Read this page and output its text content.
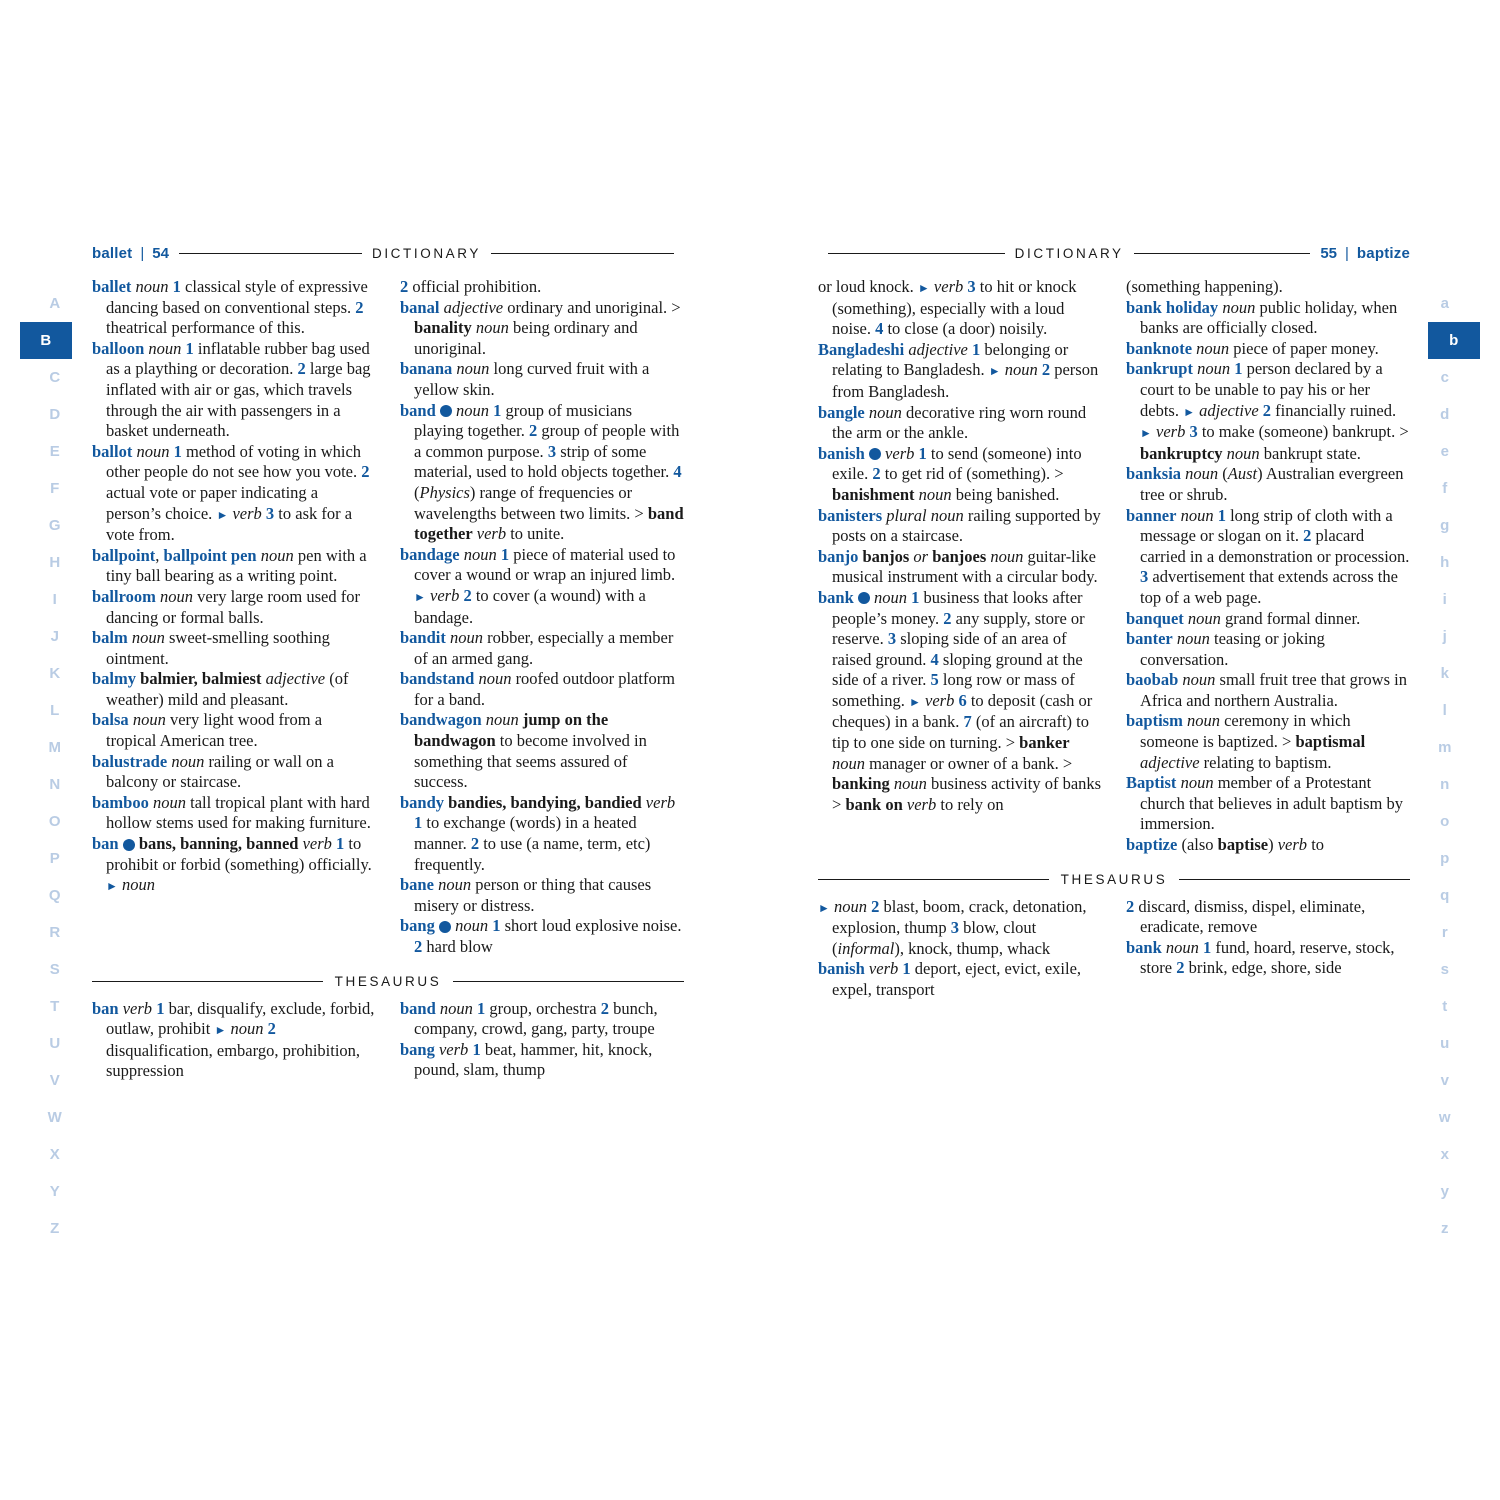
A
B
C
D
E
F
G
H
I
J
K
L
M
N
O
P
Q
R
S
T
U
V
W
X
Y
Z
a
b
c
d
e
f
g
h
i
j
k
l
m
n
o
p
q
r
s
t
u
v
w
x
y
z
ballet | 54	DICTIONARY

ballet noun 1 classical style of expressive dancing based on conventional steps. 2 theatrical performance of this.

balloon noun 1 inflatable rubber bag used as a plaything or decoration. 2 large bag inflated with air or gas, which travels through the air with passengers in a basket underneath.

ballot noun 1 method of voting in which other people do not see how you vote. 2 actual vote or paper indicating a person’s choice. ► verb 3 to ask for a vote from.

ballpoint, ballpoint pen noun pen with a tiny ball bearing as a writing point.

ballroom noun very large room used for dancing or formal balls.

balm noun sweet-smelling soothing ointment.

balmy balmier, balmiest adjective (of weather) mild and pleasant.

balsa noun very light wood from a tropical American tree.

balustrade noun railing or wall on a balcony or staircase.

bamboo noun tall tropical plant with hard hollow stems used for making furniture.

ban ! bans, banning, banned verb 1 to prohibit or forbid (something) officially. ► noun

2 official prohibition.

banal adjective ordinary and unoriginal. > banality noun being ordinary and unoriginal.

banana noun long curved fruit with a yellow skin.

band ! noun 1 group of musicians playing together. 2 group of people with a common purpose. 3 strip of some material, used to hold objects together. 4 (Physics) range of frequencies or wavelengths between two limits. > band together verb to unite.

bandage noun 1 piece of material used to cover a wound or wrap an injured limb. ► verb 2 to cover (a wound) with a bandage.

bandit noun robber, especially a member of an armed gang.

bandstand noun roofed outdoor platform for a band.

bandwagon noun jump on the bandwagon to become involved in something that seems assured of success.

bandy bandies, bandying, bandied verb 1 to exchange (words) in a heated manner. 2 to use (a name, term, etc) frequently.

bane noun person or thing that causes misery or distress.

bang ! noun 1 short loud explosive noise. 2 hard blow

THESAURUS

ban verb 1 bar, disqualify, exclude, forbid, outlaw, prohibit ► noun 2 disqualification, embargo, prohibition, suppression

band noun 1 group, orchestra 2 bunch, company, crowd, gang, party, troupe

bang verb 1 beat, hammer, hit, knock, pound, slam, thump

DICTIONARY	55 | baptize

or loud knock. ► verb 3 to hit or knock (something), especially with a loud noise. 4 to close (a door) noisily.

Bangladeshi adjective 1 belonging or relating to Bangladesh. ► noun 2 person from Bangladesh.

bangle noun decorative ring worn round the arm or the ankle.

banish ! verb 1 to send (someone) into exile. 2 to get rid of (something). > banishment noun being banished.

banisters plural noun railing supported by posts on a staircase.

banjo banjos or banjoes noun guitar-like musical instrument with a circular body.

bank ! noun 1 business that looks after people’s money. 2 any supply, store or reserve. 3 sloping side of an area of raised ground. 4 sloping ground at the side of a river. 5 long row or mass of something. ► verb 6 to deposit (cash or cheques) in a bank. 7 (of an aircraft) to tip to one side on turning. > banker noun manager or owner of a bank. > banking noun business activity of banks > bank on verb to rely on

(something happening).

bank holiday noun public holiday, when banks are officially closed.

banknote noun piece of paper money.

bankrupt noun 1 person declared by a court to be unable to pay his or her debts. ► adjective 2 financially ruined. ► verb 3 to make (someone) bankrupt. > bankruptcy noun bankrupt state.

banksia noun (Aust) Australian evergreen tree or shrub.

banner noun 1 long strip of cloth with a message or slogan on it. 2 placard carried in a demonstration or procession. 3 advertisement that extends across the top of a web page.

banquet noun grand formal dinner.

banter noun teasing or joking conversation.

baobab noun small fruit tree that grows in Africa and northern Australia.

baptism noun ceremony in which someone is baptized. > baptismal adjective relating to baptism.

Baptist noun member of a Protestant church that believes in adult baptism by immersion.

baptize (also baptise) verb to

THESAURUS

► noun 2 blast, boom, crack, detonation, explosion, thump 3 blow, clout (informal), knock, thump, whack

banish verb 1 deport, eject, evict, exile, expel, transport

2 discard, dismiss, dispel, eliminate, eradicate, remove

bank noun 1 fund, hoard, reserve, stock, store 2 brink, edge, shore, side
